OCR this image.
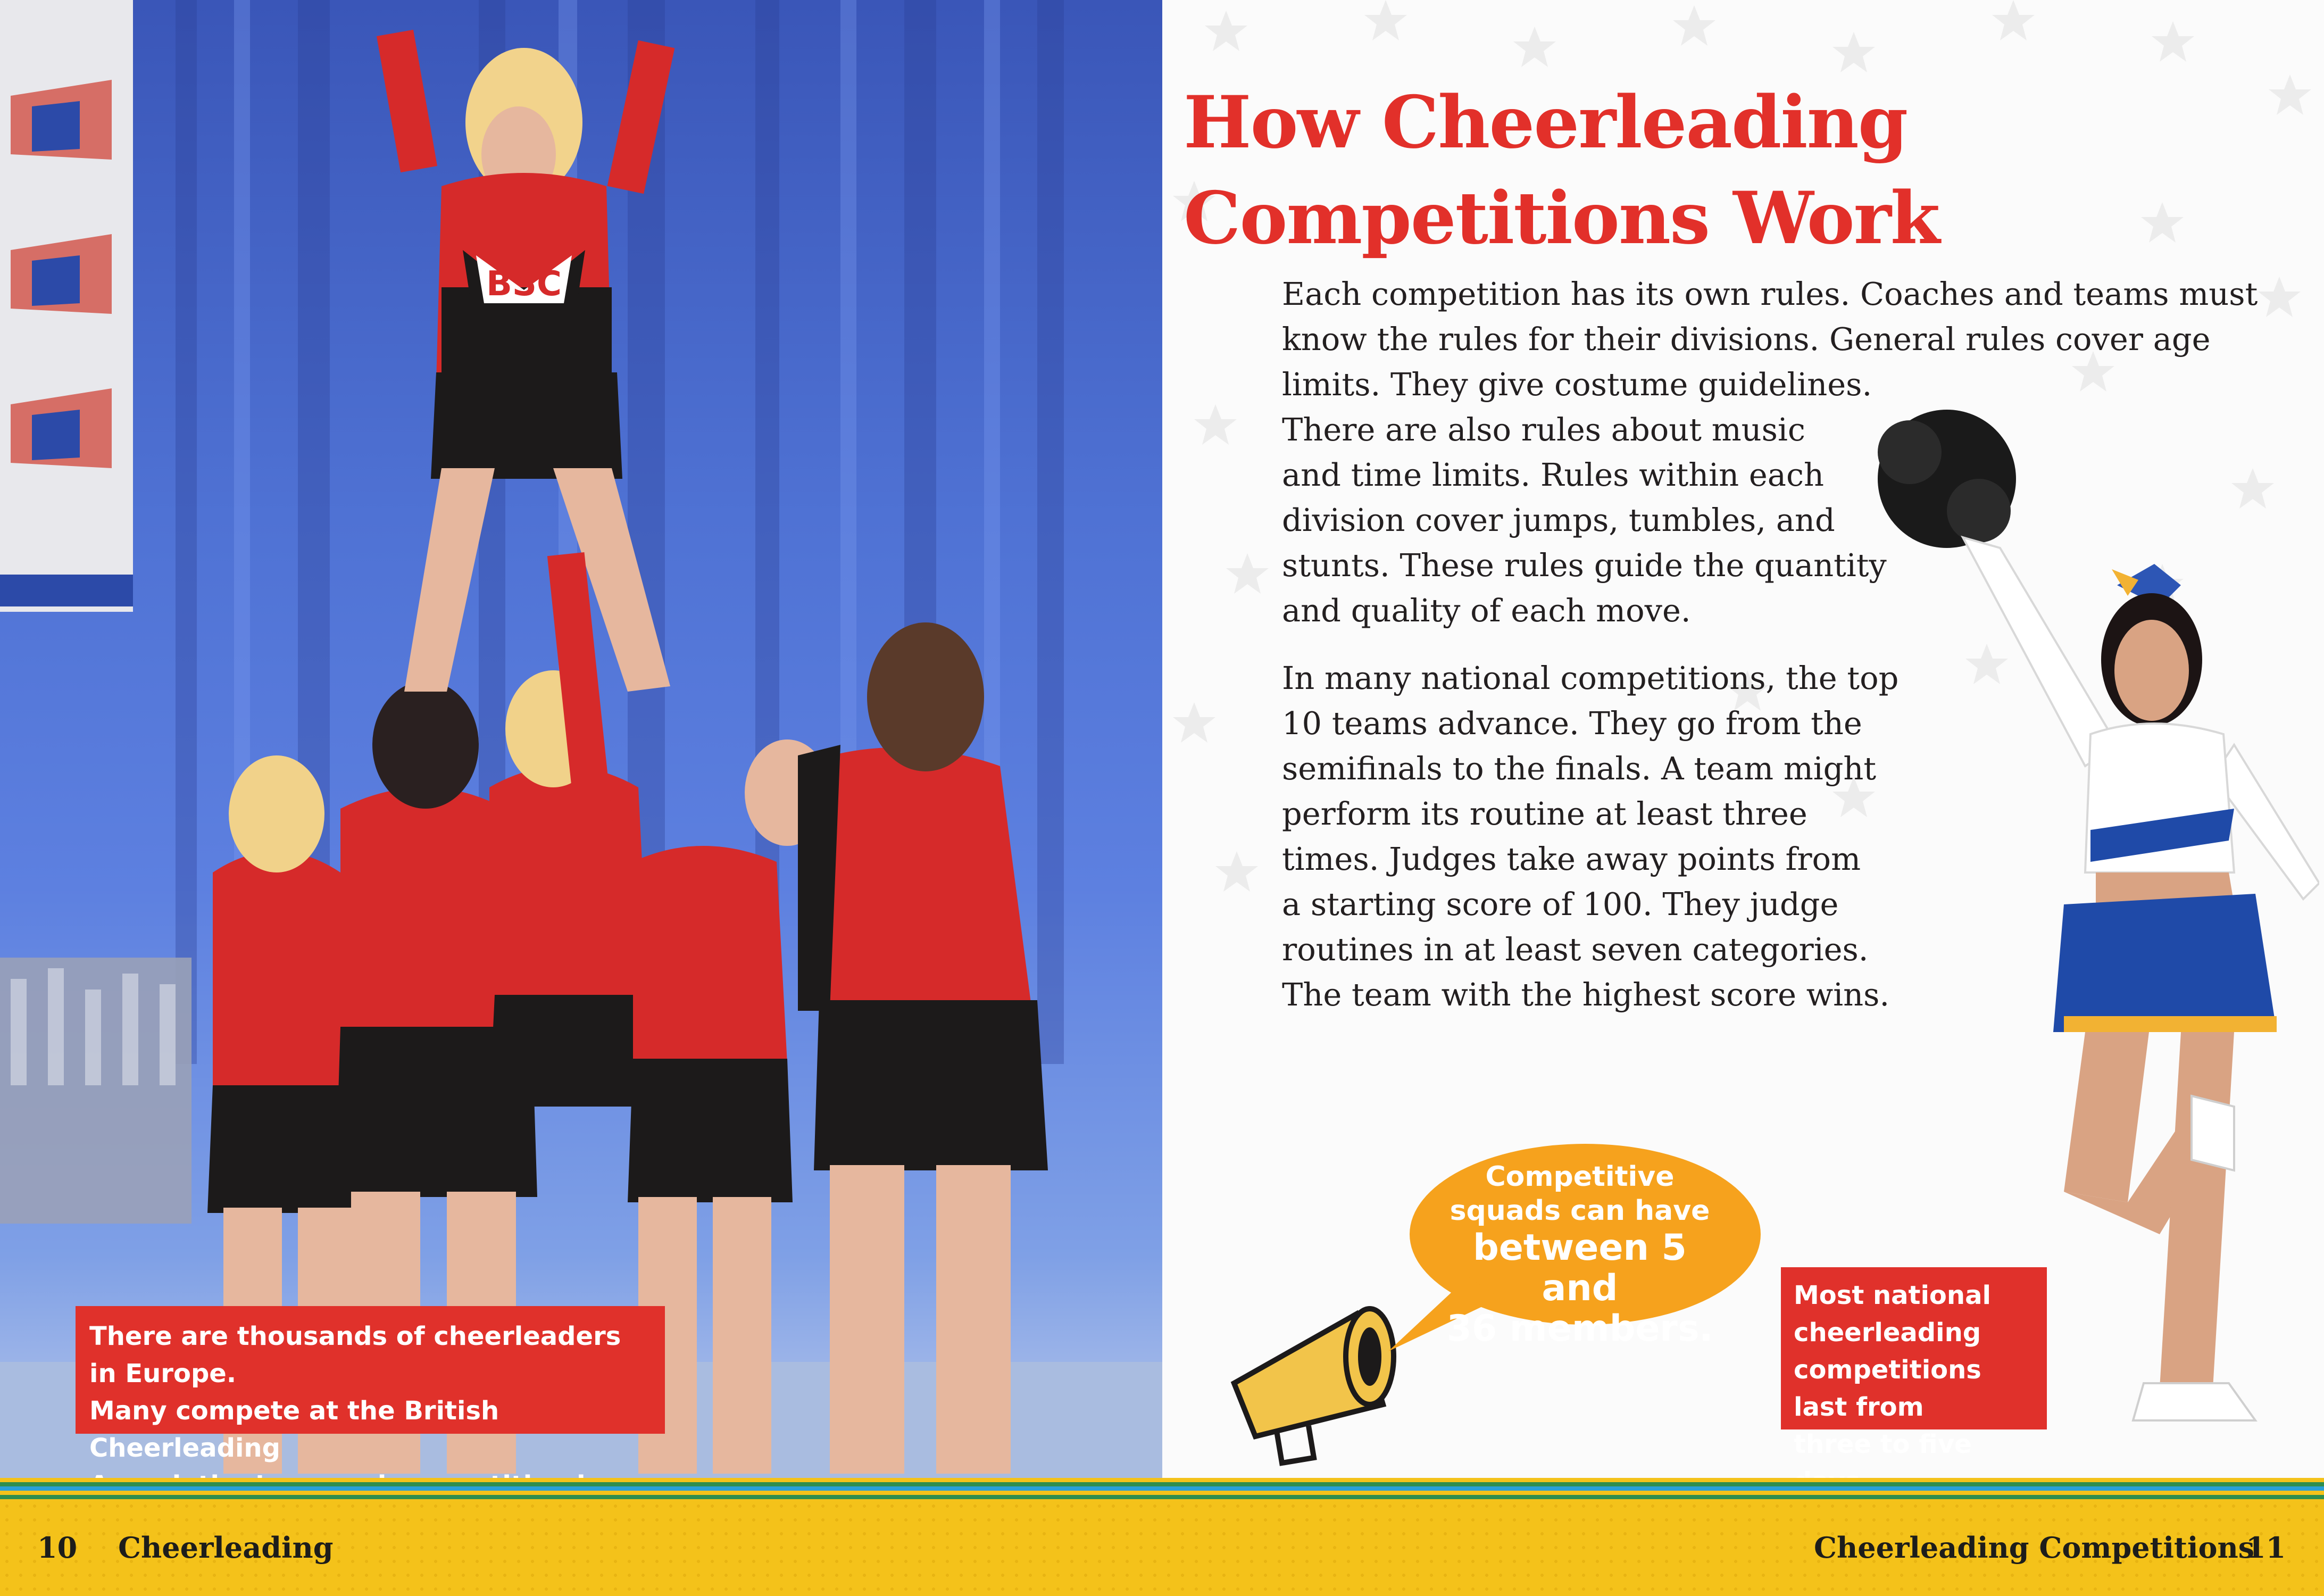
BSC
There are thousands of cheerleaders in Europe.
Many compete at the British Cheerleading
How Cheerleading
Competitions Work

Each competition has its own rules. Coaches and teams must
know the rules for their divisions. General rules cover age
limits. They give costume guidelines.
There are also rules about music
and time limits. Rules within each
division cover jumps, tumbles, and
stunts. These rules guide the quantity
and quality of each move.

In many national competitions, the top
10 teams advance. They go from the
semifinals to the finals. A team might
perform its routine at least three
times. Judges take away points from
a starting score of 100. They judge
routines in at least seven categories.
The team with the highest score wins.

Competitive
squads can have
between 5 and
36 members.
Most national
cheerleading
competitions last from
three to five
10 Cheerleading	Cheerleading Competitions
11
